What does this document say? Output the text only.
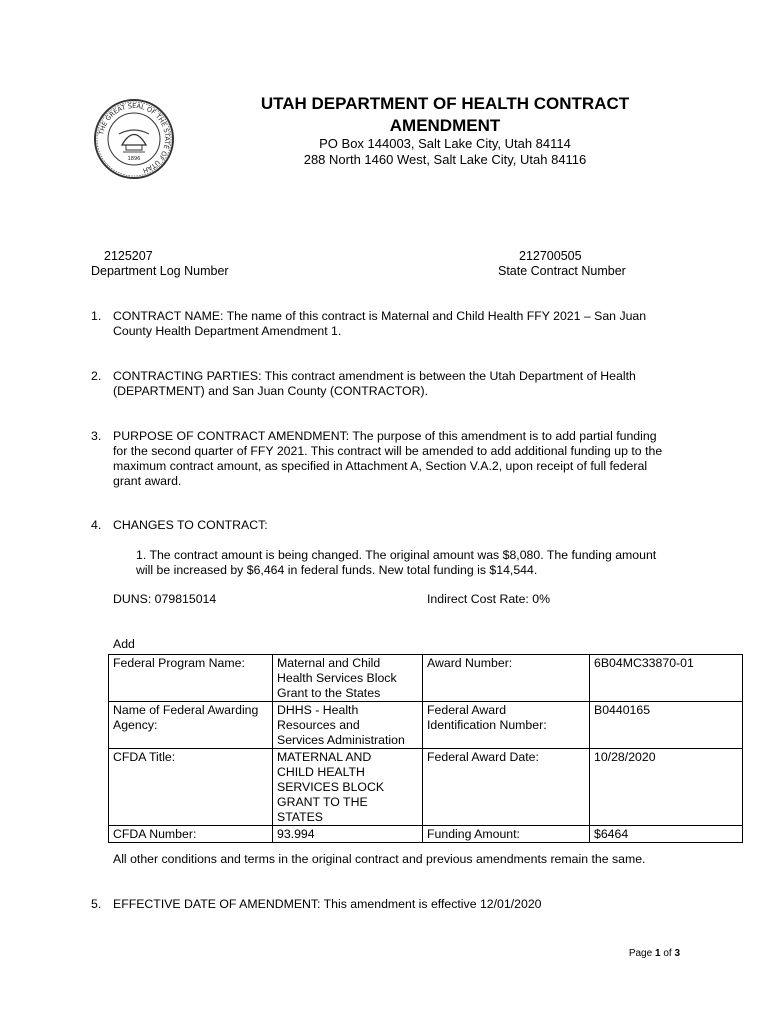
THE GREAT SEAL OF THE STATE OF UTAH
1896
UTAH DEPARTMENT OF HEALTH CONTRACT
AMENDMENT
PO Box 144003, Salt Lake City, Utah 84114
288 North 1460 West, Salt Lake City, Utah 84116
2125207
Department Log Number
212700505
State Contract Number
1. CONTRACT NAME: The name of this contract is Maternal and Child Health FFY 2021 – San Juan
County Health Department Amendment 1.
2. CONTRACTING PARTIES: This contract amendment is between the Utah Department of Health
(DEPARTMENT) and San Juan County (CONTRACTOR).
3. PURPOSE OF CONTRACT AMENDMENT: The purpose of this amendment is to add partial funding
for the second quarter of FFY 2021. This contract will be amended to add additional funding up to the
maximum contract amount, as specified in Attachment A, Section V.A.2, upon receipt of full federal
grant award.
4. CHANGES TO CONTRACT:
1. The contract amount is being changed. The original amount was $8,080. The funding amount
will be increased by $6,464 in federal funds. New total funding is $14,544.
DUNS: 079815014	Indirect Cost Rate: 0%
Add
Federal Program Name:	Maternal and Child
Health Services Block
Grant to the States	Award Number:	6B04MC33870-01
Name of Federal Awarding
Agency:	DHHS - Health
Resources and
Services Administration	Federal Award
Identification Number:	B0440165
CFDA Title:	MATERNAL AND
CHILD HEALTH
SERVICES BLOCK
GRANT TO THE
STATES	Federal Award Date:	10/28/2020
CFDA Number:	93.994	Funding Amount:	$6464
All other conditions and terms in the original contract and previous amendments remain the same.
5. EFFECTIVE DATE OF AMENDMENT: This amendment is effective 12/01/2020
Page 1 of 3
